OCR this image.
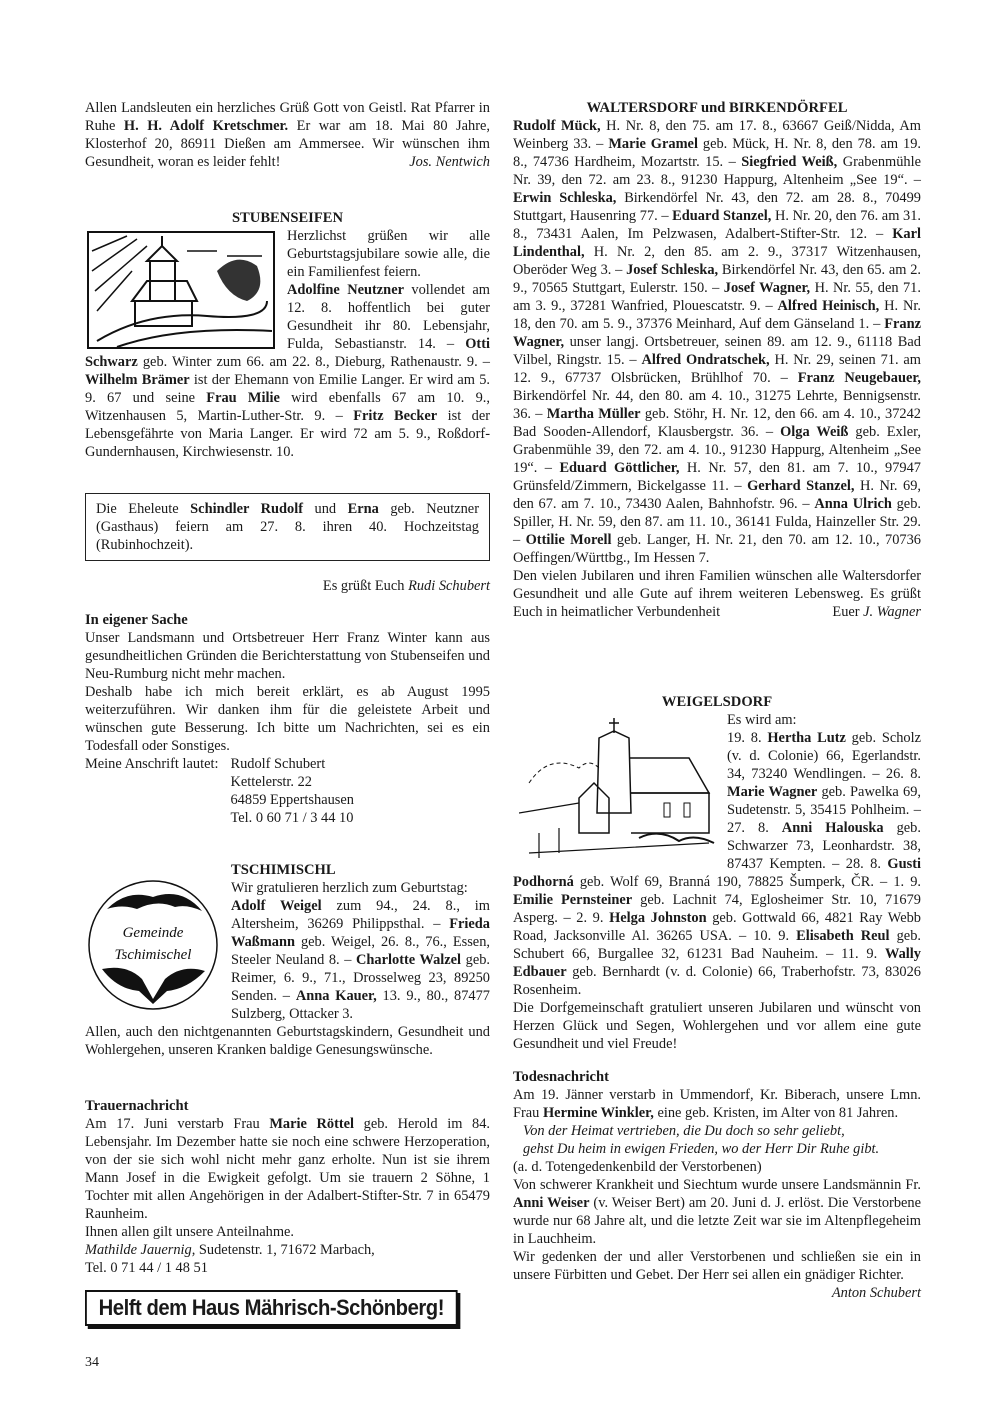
Allen Landsleuten ein herzliches Grüß Gott von Geistl. Rat Pfarrer in Ruhe H. H. Adolf Kretschmer. Er war am 18. Mai 80 Jahre, Klosterhof 20, 86911 Dießen am Ammersee. Wir wünschen ihm Gesundheit, woran es leider fehlt!	Jos. Nentwich

STUBENSEIFEN

Herzlichst grüßen wir alle Geburtstagsjubilare sowie alle, die ein Familienfest feiern.

Adolfine Neutzner vollendet am 12. 8. hoffentlich bei guter Gesundheit ihr 80. Lebensjahr, Fulda, Sebastianstr. 14. – Otti Schwarz geb. Winter zum 66. am 22. 8., Dieburg, Rathenaustr. 9. – Wilhelm Brämer ist der Ehemann von Emilie Langer. Er wird am 5. 9. 67 und seine Frau Milie wird ebenfalls 67 am 10. 9., Witzenhausen 5, Martin-Luther-Str. 9. – Fritz Becker ist der Lebensgefährte von Maria Langer. Er wird 72 am 5. 9., Roßdorf-Gundernhausen, Kirchwiesenstr. 10.

Die Eheleute Schindler Rudolf und Erna geb. Neutzner (Gasthaus) feiern am 27. 8. ihren 40. Hochzeitstag (Rubinhochzeit).

Es grüßt Euch Rudi Schubert
In eigener Sache

Unser Landsmann und Ortsbetreuer Herr Franz Winter kann aus gesundheitlichen Gründen die Berichterstattung von Stubenseifen und Neu-Rumburg nicht mehr machen.

Deshalb habe ich mich bereit erklärt, es ab August 1995 weiterzuführen. Wir danken ihm für die geleistete Arbeit und wünschen gute Besserung. Ich bitte um Nachrichten, sei es ein Todesfall oder Sonstiges.

Meine Anschrift lautet: Rudolf Schubert
Kettelerstr. 22
64859 Eppertshausen
Tel. 0 60 71 / 3 44 10
Gemeinde
Tschimischel
TSCHIMISCHL

Wir gratulieren herzlich zum Geburtstag:

Adolf Weigel zum 94., 24. 8., im Altersheim, 36269 Philippsthal. – Frieda Waßmann geb. Weigel, 26. 8., 76., Essen, Steeler Neuland 8. – Charlotte Walzel geb. Reimer, 6. 9., 71., Drosselweg 23, 89250 Senden. – Anna Kauer, 13. 9., 80., 87477 Sulzberg, Ottacker 3.

Allen, auch den nichtgenannten Geburtstagskindern, Gesundheit und Wohlergehen, unseren Kranken baldige Genesungswünsche.

Trauernachricht

Am 17. Juni verstarb Frau Marie Röttel geb. Herold im 84. Lebensjahr. Im Dezember hatte sie noch eine schwere Herzoperation, von der sie sich wohl nicht mehr ganz erholte. Nun ist sie ihrem Mann Josef in die Ewigkeit gefolgt. Um sie trauern 2 Söhne, 1 Tochter mit allen Angehörigen in der Adalbert-Stifter-Str. 7 in 65479 Raunheim.

Ihnen allen gilt unsere Anteilnahme.

Mathilde Jauernig, Sudetenstr. 1, 71672 Marbach,

Tel. 0 71 44 / 1 48 51

Helft dem Haus Mährisch-Schönberg!
34
WALTERSDORF und BIRKENDÖRFEL

Rudolf Mück, H. Nr. 8, den 75. am 17. 8., 63667 Geiß/Nidda, Am Weinberg 33. – Marie Gramel geb. Mück, H. Nr. 8, den 78. am 19. 8., 74736 Hardheim, Mozartstr. 15. – Siegfried Weiß, Grabenmühle Nr. 39, den 72. am 23. 8., 91230 Happurg, Altenheim „See 19“. – Erwin Schleska, Birkendörfel Nr. 43, den 72. am 28. 8., 70499 Stuttgart, Hausenring 77. – Eduard Stanzel, H. Nr. 20, den 76. am 31. 8., 73431 Aalen, Im Pelzwasen, Adalbert-Stifter-Str. 12. – Karl Lindenthal, H. Nr. 2, den 85. am 2. 9., 37317 Witzenhausen, Oberöder Weg 3. – Josef Schleska, Birkendörfel Nr. 43, den 65. am 2. 9., 70565 Stuttgart, Eulerstr. 150. – Josef Wagner, H. Nr. 55, den 71. am 3. 9., 37281 Wanfried, Plouescatstr. 9. – Alfred Heinisch, H. Nr. 18, den 70. am 5. 9., 37376 Meinhard, Auf dem Gänseland 1. – Franz Wagner, unser langj. Ortsbetreuer, seinen 89. am 12. 9., 61118 Bad Vilbel, Ringstr. 15. – Alfred Ondratschek, H. Nr. 29, seinen 71. am 12. 9., 67737 Olsbrücken, Brühlhof 70. – Franz Neugebauer, Birkendörfel Nr. 44, den 80. am 4. 10., 31275 Lehrte, Bennigsenstr. 36. – Martha Müller geb. Stöhr, H. Nr. 12, den 66. am 4. 10., 37242 Bad Sooden-Allendorf, Klausbergstr. 36. – Olga Weiß geb. Exler, Grabenmühle 39, den 72. am 4. 10., 91230 Happurg, Altenheim „See 19“. – Eduard Göttlicher, H. Nr. 57, den 81. am 7. 10., 97947 Grünsfeld/Zimmern, Bickelgasse 11. – Gerhard Stanzel, H. Nr. 69, den 67. am 7. 10., 73430 Aalen, Bahnhofstr. 96. – Anna Ulrich geb. Spiller, H. Nr. 59, den 87. am 11. 10., 36141 Fulda, Hainzeller Str. 29. – Ottilie Morell geb. Langer, H. Nr. 21, den 70. am 12. 10., 70736 Oeffingen/Württbg., Im Hessen 7.

Den vielen Jubilaren und ihren Familien wünschen alle Waltersdorfer Gesundheit und alle Gute auf ihrem weiteren Lebensweg. Es grüßt Euch in heimatlicher Verbundenheit	Euer J. Wagner

WEIGELSDORF

Es wird am:

19. 8. Hertha Lutz geb. Scholz (v. d. Colonie) 66, Egerlandstr. 34, 73240 Wendlingen. – 26. 8. Marie Wagner geb. Pawelka 69, Sudetenstr. 5, 35415 Pohlheim. – 27. 8. Anni Halouska geb. Schwarzer 73, Leonhardstr. 38, 87437 Kempten. – 28. 8. Gusti Podhorná geb. Wolf 69, Branná 190, 78825 Šumperk, ČR. – 1. 9. Emilie Pernsteiner geb. Lachnit 74, Eglosheimer Str. 10, 71679 Asperg. – 2. 9. Helga Johnston geb. Gottwald 66, 4821 Ray Webb Road, Jacksonville Al. 36265 USA. – 10. 9. Elisabeth Reul geb. Schubert 66, Burgallee 32, 61231 Bad Nauheim. – 11. 9. Wally Edbauer geb. Bernhardt (v. d. Colonie) 66, Traberhofstr. 73, 83026 Rosenheim.

Die Dorfgemeinschaft gratuliert unseren Jubilaren und wünscht von Herzen Glück und Segen, Wohlergehen und vor allem eine gute Gesundheit und viel Freude!

Todesnachricht

Am 19. Jänner verstarb in Ummendorf, Kr. Biberach, unsere Lmn. Frau Hermine Winkler, eine geb. Kristen, im Alter von 81 Jahren.

Von der Heimat vertrieben, die Du doch so sehr geliebt,
gehst Du heim in ewigen Frieden, wo der Herr Dir Ruhe gibt.

(a. d. Totengedenkenbild der Verstorbenen)

Von schwerer Krankheit und Siechtum wurde unsere Landsmännin Fr. Anni Weiser (v. Weiser Bert) am 20. Juni d. J. erlöst. Die Verstorbene wurde nur 68 Jahre alt, und die letzte Zeit war sie im Altenpflegeheim in Lauchheim.

Wir gedenken der und aller Verstorbenen und schließen sie ein in unsere Fürbitten und Gebet. Der Herr sei allen ein gnädiger Richter.
Anton Schubert
